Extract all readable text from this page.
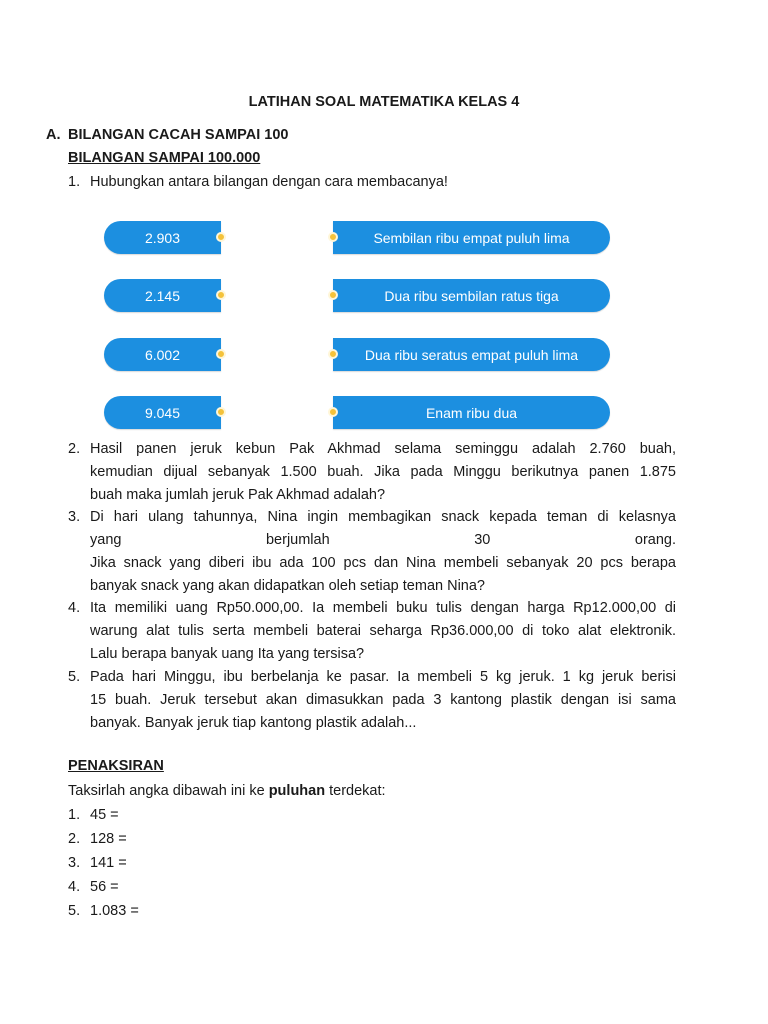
LATIHAN SOAL MATEMATIKA KELAS 4
A. BILANGAN CACAH SAMPAI 100
BILANGAN SAMPAI 100.000
1. Hubungkan antara bilangan dengan cara membacanya!
2.903	Sembilan ribu empat puluh lima
2.145	Dua ribu sembilan ratus tiga
6.002	Dua ribu seratus empat puluh lima
9.045	Enam ribu dua
2. Hasil panen jeruk kebun Pak Akhmad selama seminggu adalah 2.760 buah,
kemudian dijual sebanyak 1.500 buah. Jika pada Minggu berikutnya panen 1.875
buah maka jumlah jeruk Pak Akhmad adalah?
3. Di hari ulang tahunnya, Nina ingin membagikan snack kepada teman di kelasnya
yang berjumlah 30 orang.
Jika snack yang diberi ibu ada 100 pcs dan Nina membeli sebanyak 20 pcs berapa
banyak snack yang akan didapatkan oleh setiap teman Nina?
4. Ita memiliki uang Rp50.000,00. Ia membeli buku tulis dengan harga Rp12.000,00 di
warung alat tulis serta membeli baterai seharga Rp36.000,00 di toko alat elektronik.
Lalu berapa banyak uang Ita yang tersisa?
5. Pada hari Minggu, ibu berbelanja ke pasar. Ia membeli 5 kg jeruk. 1 kg jeruk berisi
15 buah. Jeruk tersebut akan dimasukkan pada 3 kantong plastik dengan isi sama
banyak. Banyak jeruk tiap kantong plastik adalah...
PENAKSIRAN
Taksirlah angka dibawah ini ke puluhan terdekat:
1. 45 =
2. 128 =
3. 141 =
4. 56 =
5. 1.083 =
